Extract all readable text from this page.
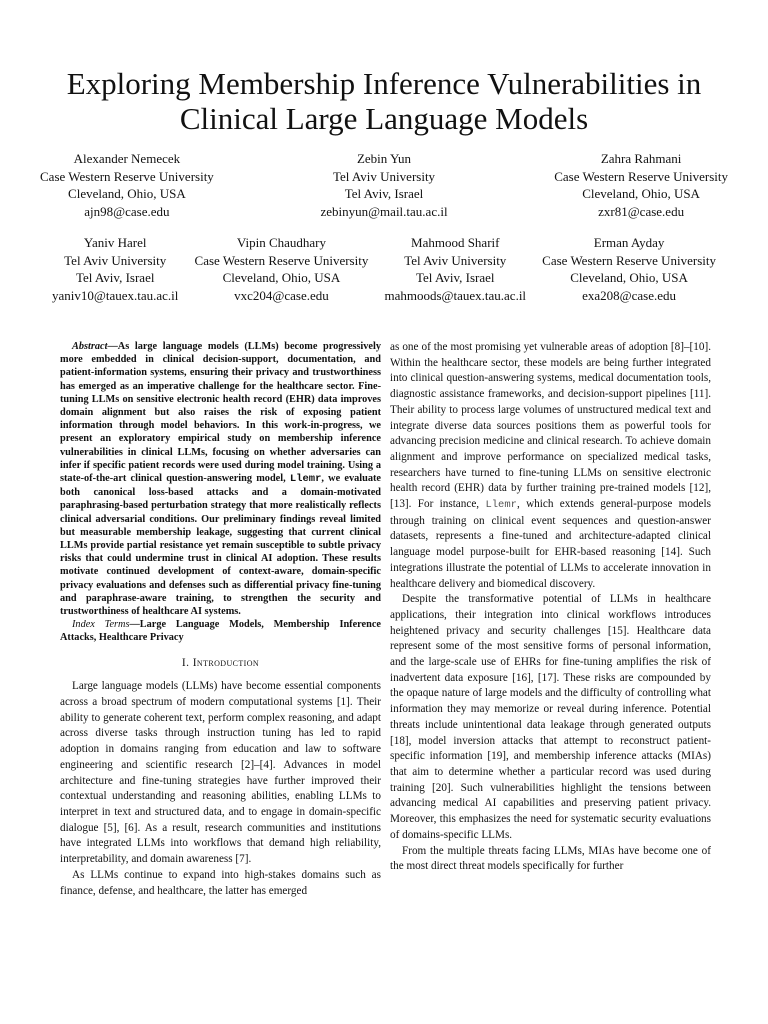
Exploring Membership Inference Vulnerabilities in Clinical Large Language Models
Alexander Nemecek
Case Western Reserve University
Cleveland, Ohio, USA
ajn98@case.edu
Zebin Yun
Tel Aviv University
Tel Aviv, Israel
zebinyun@mail.tau.ac.il
Zahra Rahmani
Case Western Reserve University
Cleveland, Ohio, USA
zxr81@case.edu
Yaniv Harel
Tel Aviv University
Tel Aviv, Israel
yaniv10@tauex.tau.ac.il
Vipin Chaudhary
Case Western Reserve University
Cleveland, Ohio, USA
vxc204@case.edu
Mahmood Sharif
Tel Aviv University
Tel Aviv, Israel
mahmoods@tauex.tau.ac.il
Erman Ayday
Case Western Reserve University
Cleveland, Ohio, USA
exa208@case.edu

Abstract—As large language models (LLMs) become progressively more embedded in clinical decision-support, documentation, and patient-information systems, ensuring their privacy and trustworthiness has emerged as an imperative challenge for the healthcare sector. Fine-tuning LLMs on sensitive electronic health record (EHR) data improves domain alignment but also raises the risk of exposing patient information through model behaviors. In this work-in-progress, we present an exploratory empirical study on membership inference vulnerabilities in clinical LLMs, focusing on whether adversaries can infer if specific patient records were used during model training. Using a state-of-the-art clinical question-answering model, Llemr, we evaluate both canonical loss-based attacks and a domain-motivated paraphrasing-based perturbation strategy that more realistically reflects clinical adversarial conditions. Our preliminary findings reveal limited but measurable membership leakage, suggesting that current clinical LLMs provide partial resistance yet remain susceptible to subtle privacy risks that could undermine trust in clinical AI adoption. These results motivate continued development of context-aware, domain-specific privacy evaluations and defenses such as differential privacy fine-tuning and paraphrase-aware training, to strengthen the security and trustworthiness of healthcare AI systems.

Index Terms—Large Language Models, Membership Inference Attacks, Healthcare Privacy

I. Introduction

Large language models (LLMs) have become essential components across a broad spectrum of modern computational systems [1]. Their ability to generate coherent text, perform complex reasoning, and adapt across diverse tasks through instruction tuning has led to rapid adoption in domains ranging from education and law to software engineering and scientific research [2]–[4]. Advances in model architecture and fine-tuning strategies have further improved their contextual understanding and reasoning abilities, enabling LLMs to interpret in text and structured data, and to engage in domain-specific dialogue [5], [6]. As a result, research communities and institutions have integrated LLMs into workflows that demand high reliability, interpretability, and domain awareness [7].

As LLMs continue to expand into high-stakes domains such as finance, defense, and healthcare, the latter has emerged

as one of the most promising yet vulnerable areas of adoption [8]–[10]. Within the healthcare sector, these models are being further integrated into clinical question-answering systems, medical documentation tools, diagnostic assistance frameworks, and decision-support pipelines [11]. Their ability to process large volumes of unstructured medical text and integrate diverse data sources positions them as powerful tools for advancing precision medicine and clinical research. To achieve domain alignment and improve performance on specialized medical tasks, researchers have turned to fine-tuning LLMs on sensitive electronic health record (EHR) data by further training pre-trained models [12], [13]. For instance, Llemr, which extends general-purpose models through training on clinical event sequences and question-answer datasets, represents a fine-tuned and architecture-adapted clinical language model purpose-built for EHR-based reasoning [14]. Such integrations illustrate the potential of LLMs to accelerate innovation in healthcare delivery and biomedical discovery.

Despite the transformative potential of LLMs in healthcare applications, their integration into clinical workflows introduces heightened privacy and security challenges [15]. Healthcare data represent some of the most sensitive forms of personal information, and the large-scale use of EHRs for fine-tuning amplifies the risk of inadvertent data exposure [16], [17]. These risks are compounded by the opaque nature of large models and the difficulty of controlling what information they may memorize or reveal during inference. Potential threats include unintentional data leakage through generated outputs [18], model inversion attacks that attempt to reconstruct patient-specific information [19], and membership inference attacks (MIAs) that aim to determine whether a particular record was used during training [20]. Such vulnerabilities highlight the tensions between advancing medical AI capabilities and preserving patient privacy. Moreover, this emphasizes the need for systematic security evaluations of domains-specific LLMs.

From the multiple threats facing LLMs, MIAs have become one of the most direct threat models specifically for further
